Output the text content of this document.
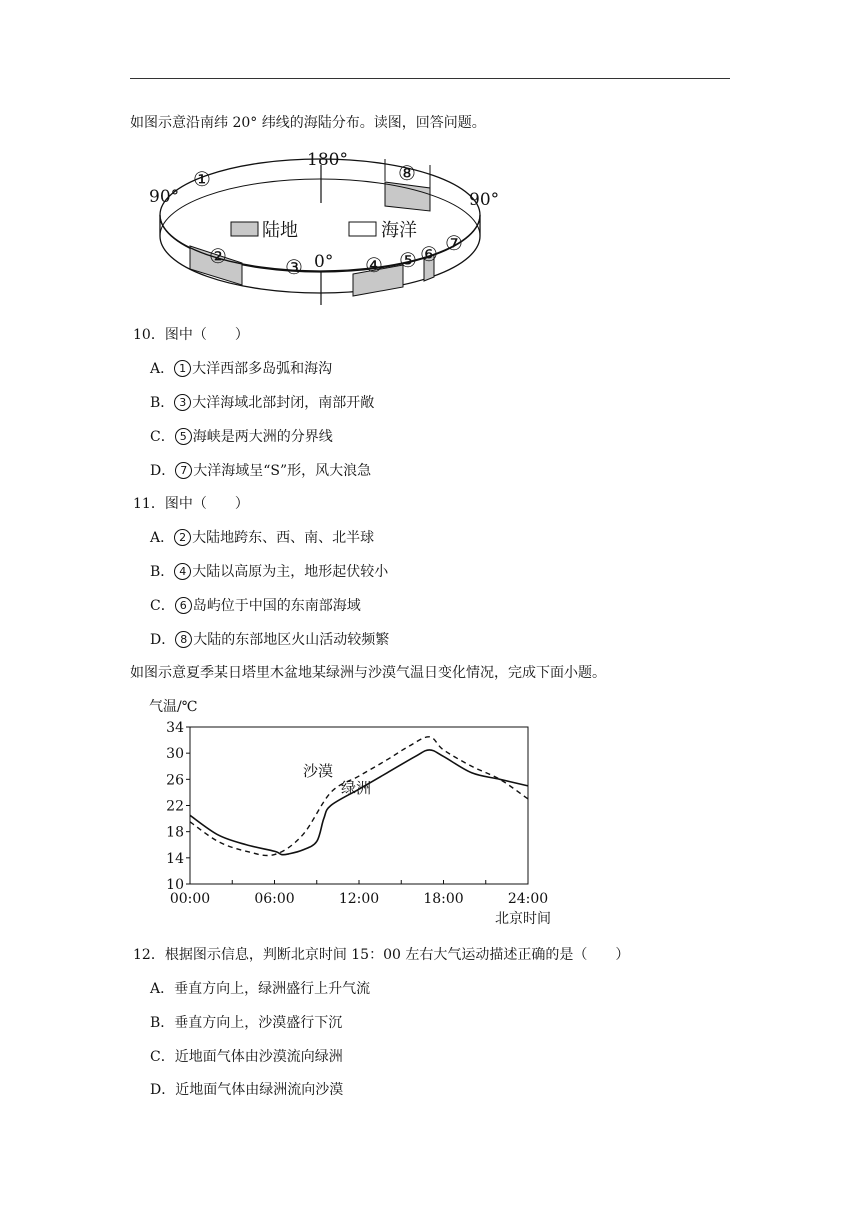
如图示意沿南纬 20° 纬线的海陆分布。读图，回答问题。
陆地	海洋
180°
90°	90°
0°
①
②	③	④ ⑤ ⑥ ⑦
⑧
10．图中（　　）
A． 1 大洋西部多岛弧和海沟
B． 3 大洋海域北部封闭，南部开敞
C． 5 海峡是两大洲的分界线
D． 7 大洋海域呈“S”形，风大浪急
11．图中（　　）
A． 2 大陆地跨东、西、南、北半球
B． 4 大陆以高原为主，地形起伏较小
C． 6 岛屿位于中国的东南部海域
D． 8 大陆的东部地区火山活动较频繁
如图示意夏季某日塔里木盆地某绿洲与沙漠气温日变化情况，完成下面小题。
气温/℃
北京时间
10
14
18
22
26
30
34
00:00	06:00	12:00	18:00	24:00
沙漠
绿洲
12．根据图示信息，判断北京时间 15：00 左右大气运动描述正确的是（　　）
A．垂直方向上，绿洲盛行上升气流
B．垂直方向上，沙漠盛行下沉
C．近地面气体由沙漠流向绿洲
D．近地面气体由绿洲流向沙漠
